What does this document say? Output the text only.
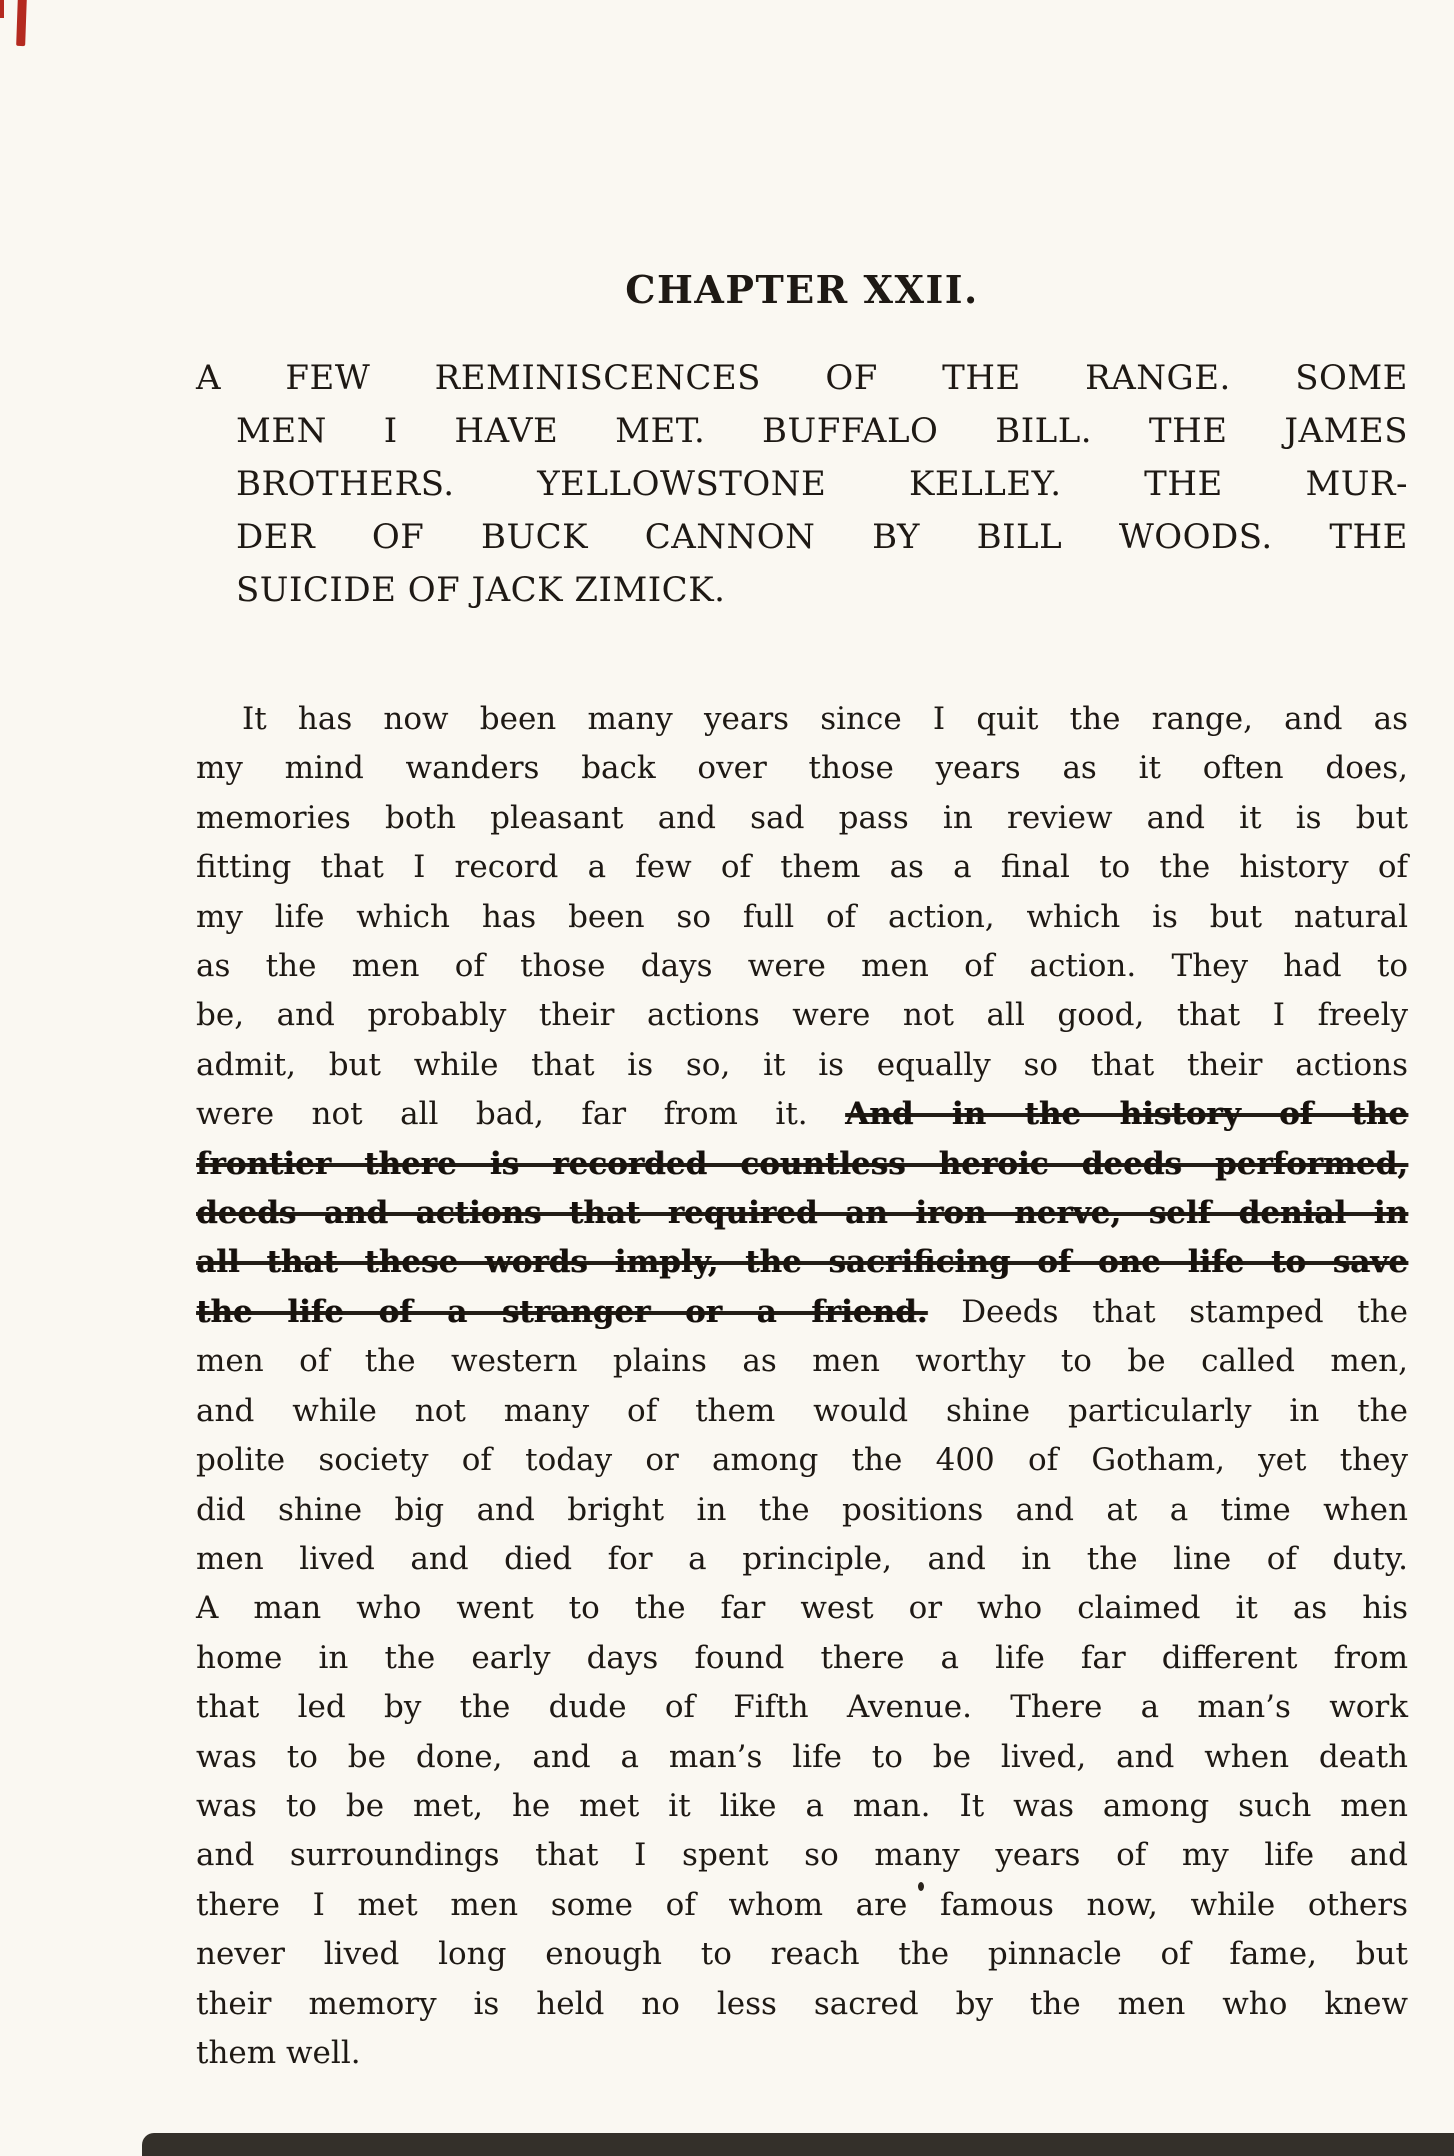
CHAPTER XXII.
A FEW REMINISCENCES OF THE RANGE. SOME
MEN I HAVE MET. BUFFALO BILL. THE JAMES
BROTHERS. YELLOWSTONE KELLEY. THE MUR-
DER OF BUCK CANNON BY BILL WOODS. THE
SUICIDE OF JACK ZIMICK.
It has now been many years since I quit the range, and as
my mind wanders back over those years as it often does,
memories both pleasant and sad pass in review and it is but
fitting that I record a few of them as a final to the history of
my life which has been so full of action, which is but natural
as the men of those days were men of action. They had to
be, and probably their actions were not all good, that I freely
admit, but while that is so, it is equally so that their actions
were not all bad, far from it. And in the history of the
frontier there is recorded countless heroic deeds performed,
deeds and actions that required an iron nerve, self denial in
all that these words imply, the sacrificing of one life to save
the life of a stranger or a friend. Deeds that stamped the
men of the western plains as men worthy to be called men,
and while not many of them would shine particularly in the
polite society of today or among the 400 of Gotham, yet they
did shine big and bright in the positions and at a time when
men lived and died for a principle, and in the line of duty.
A man who went to the far west or who claimed it as his
home in the early days found there a life far different from
that led by the dude of Fifth Avenue. There a man’s work
was to be done, and a man’s life to be lived, and when death
was to be met, he met it like a man. It was among such men
and surroundings that I spent so many years of my life and
there I met men some of whom are famous now, while others
never lived long enough to reach the pinnacle of fame, but
their memory is held no less sacred by the men who knew
them well.
